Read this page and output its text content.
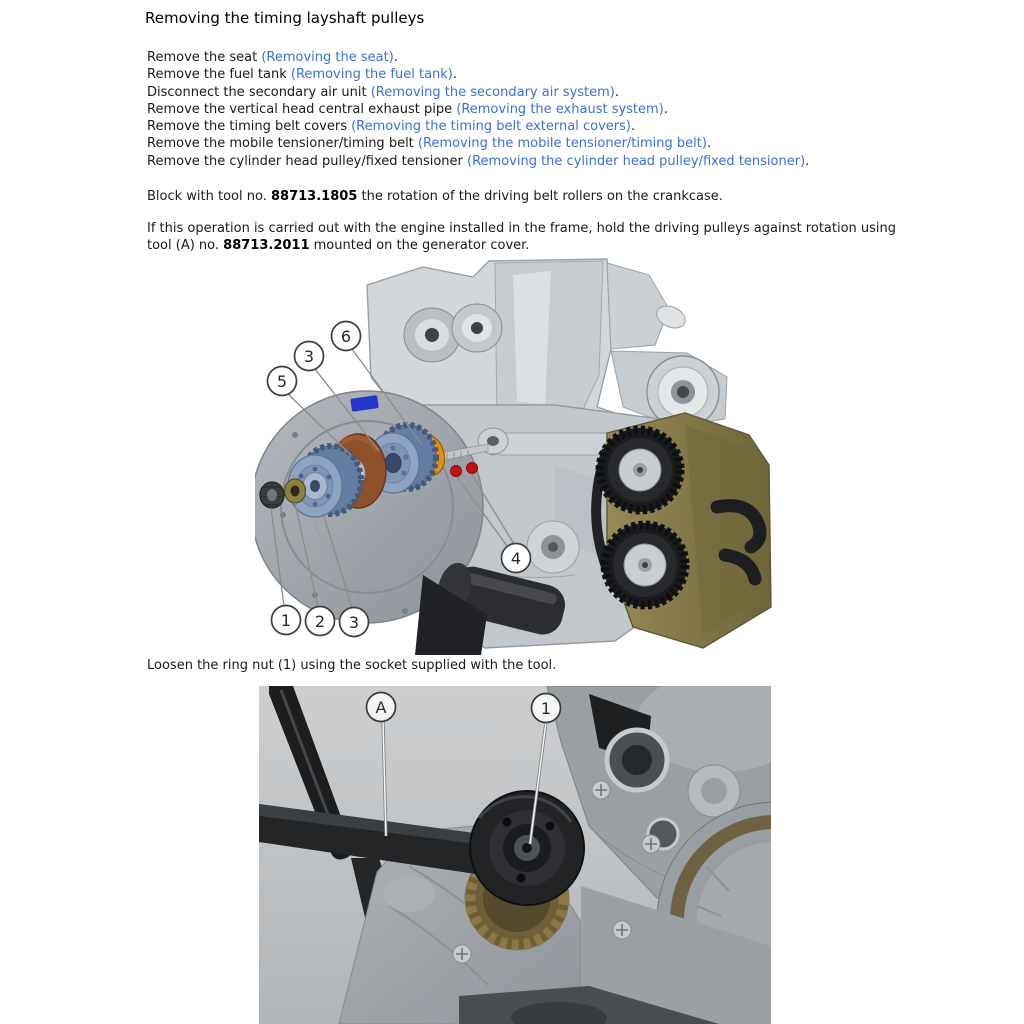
Removing the timing layshaft pulleys
Remove the seat (Removing the seat).
Remove the fuel tank (Removing the fuel tank).
Disconnect the secondary air unit (Removing the secondary air system).
Remove the vertical head central exhaust pipe (Removing the exhaust system).
Remove the timing belt covers (Removing the timing belt external covers).
Remove the mobile tensioner/timing belt (Removing the mobile tensioner/timing belt).
Remove the cylinder head pulley/fixed tensioner (Removing the cylinder head pulley/fixed tensioner).

Block with tool no. 88713.1805 the rotation of the driving belt rollers on the crankcase.

If this operation is carried out with the engine installed in the frame, hold the driving pulleys against rotation using
tool (A) no. 88713.2011 mounted on the generator cover.

5
3
6
4
1 2 3

Loosen the ring nut (1) using the socket supplied with the tool.

A	1
